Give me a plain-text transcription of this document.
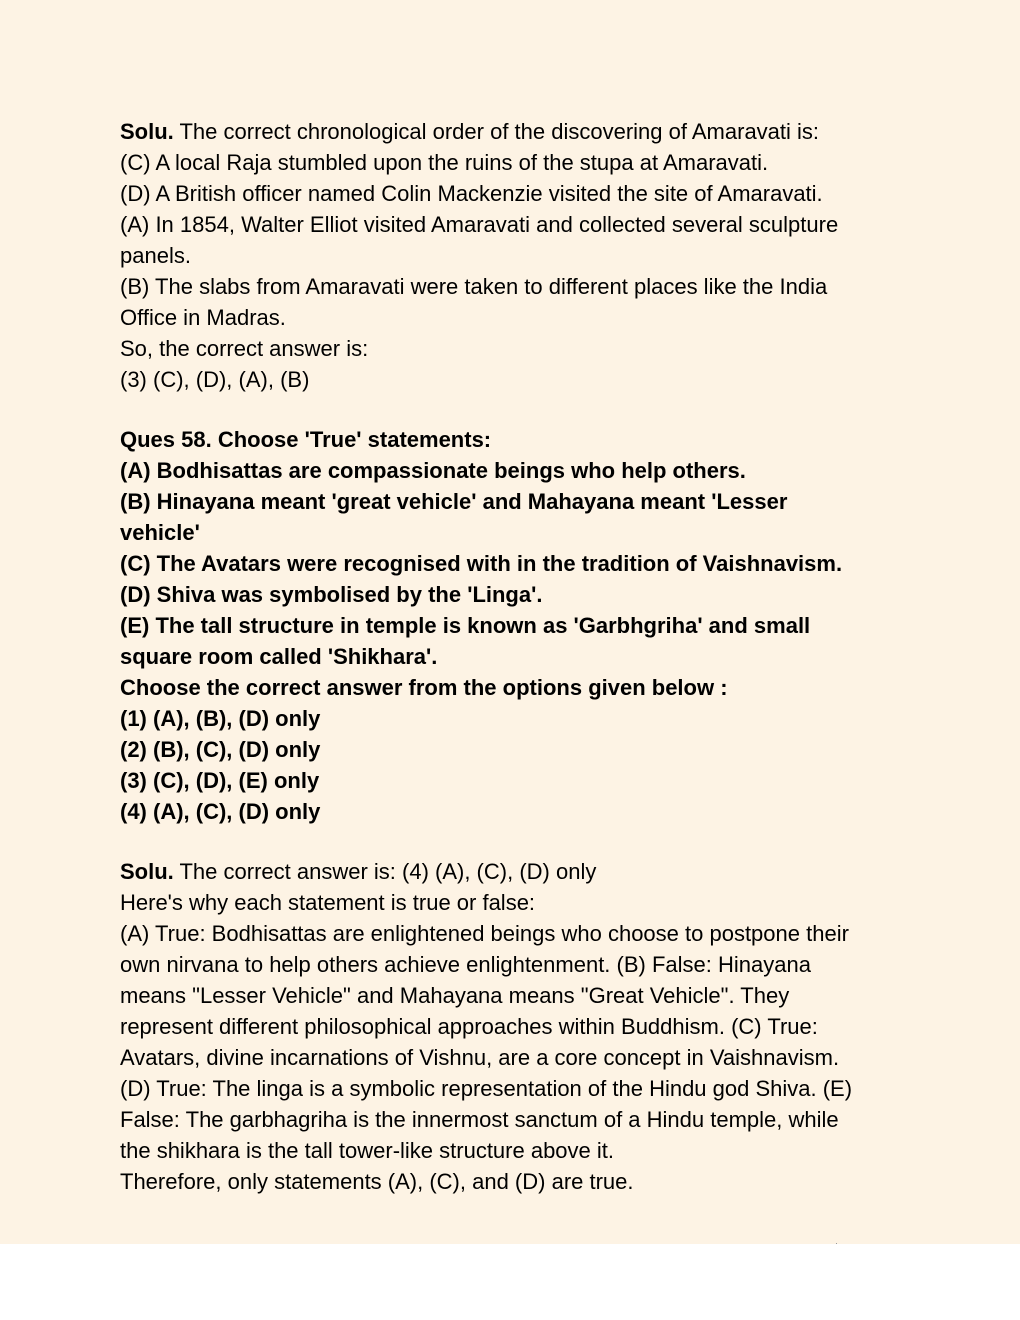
Solu. The correct chronological order of the discovering of Amaravati is:
(C) A local Raja stumbled upon the ruins of the stupa at Amaravati.
(D) A British officer named Colin Mackenzie visited the site of Amaravati.
(A) In 1854, Walter Elliot visited Amaravati and collected several sculpture
panels.
(B) The slabs from Amaravati were taken to different places like the India
Office in Madras.
So, the correct answer is:
(3) (C), (D), (A), (B)
Ques 58. Choose 'True' statements:
(A) Bodhisattas are compassionate beings who help others.
(B) Hinayana meant 'great vehicle' and Mahayana meant 'Lesser
vehicle'
(C) The Avatars were recognised with in the tradition of Vaishnavism.
(D) Shiva was symbolised by the 'Linga'.
(E) The tall structure in temple is known as 'Garbhgriha' and small
square room called 'Shikhara'.
Choose the correct answer from the options given below :
(1) (A), (B), (D) only
(2) (B), (C), (D) only
(3) (C), (D), (E) only
(4) (A), (C), (D) only
Solu. The correct answer is: (4) (A), (C), (D) only
Here's why each statement is true or false:
(A) True: Bodhisattas are enlightened beings who choose to postpone their
own nirvana to help others achieve enlightenment. (B) False: Hinayana
means "Lesser Vehicle" and Mahayana means "Great Vehicle". They
represent different philosophical approaches within Buddhism. (C) True:
Avatars, divine incarnations of Vishnu, are a core concept in Vaishnavism.
(D) True: The linga is a symbolic representation of the Hindu god Shiva. (E)
False: The garbhagriha is the innermost sanctum of a Hindu temple, while
the shikhara is the tall tower-like structure above it.
Therefore, only statements (A), (C), and (D) are true.
